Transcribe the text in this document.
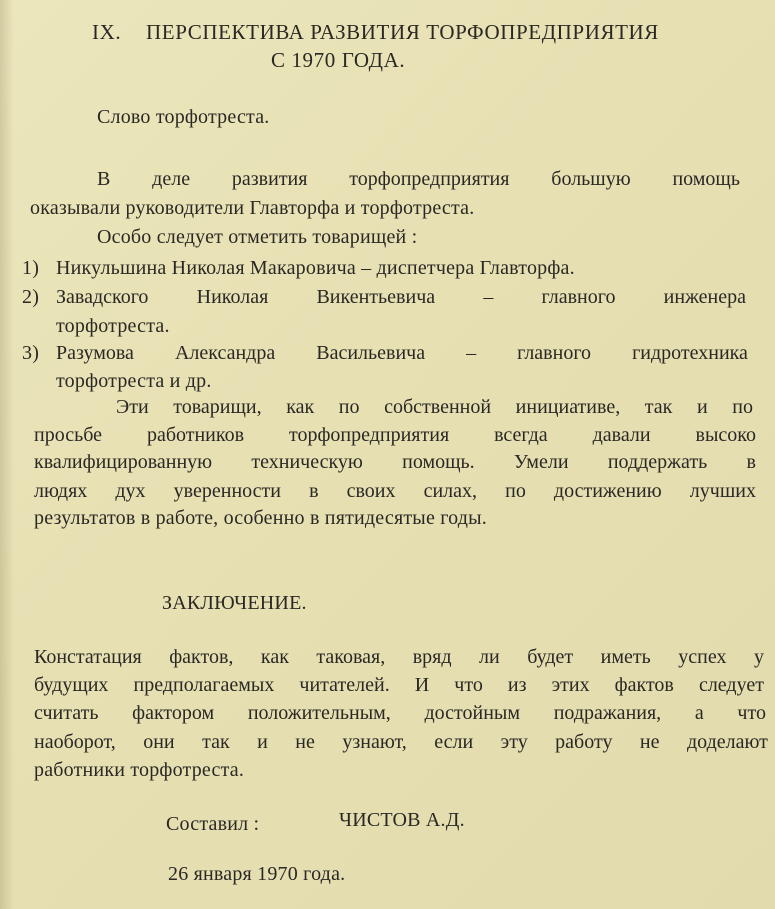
IX. ПЕРСПЕКТИВА РАЗВИТИЯ ТОРФОПРЕДПРИЯТИЯ
С 1970 ГОДА.
Слово торфотреста.
В деле развития торфопредприятия большую помощь
оказывали руководители Главторфа и торфотреста.
Особо следует отметить товарищей :
1) Никульшина Николая Макаровича – диспетчера Главторфа.
2) Завадского Николая Викентьевича – главного инженера
торфотреста.
3) Разумова Александра Васильевича – главного гидротехника
торфотреста и др.
Эти товарищи, как по собственной инициативе, так и по
просьбе работников торфопредприятия всегда давали высоко
квалифицированную техническую помощь. Умели поддержать в
людях дух уверенности в своих силах, по достижению лучших
результатов в работе, особенно в пятидесятые годы.
ЗАКЛЮЧЕНИЕ.
Констатация фактов, как таковая, вряд ли будет иметь успех у
будущих предполагаемых читателей. И что из этих фактов следует
считать фактором положительным, достойным подражания, а что
наоборот, они так и не узнают, если эту работу не доделают
работники торфотреста.
Составил :	ЧИСТОВ А.Д.
26 января 1970 года.
